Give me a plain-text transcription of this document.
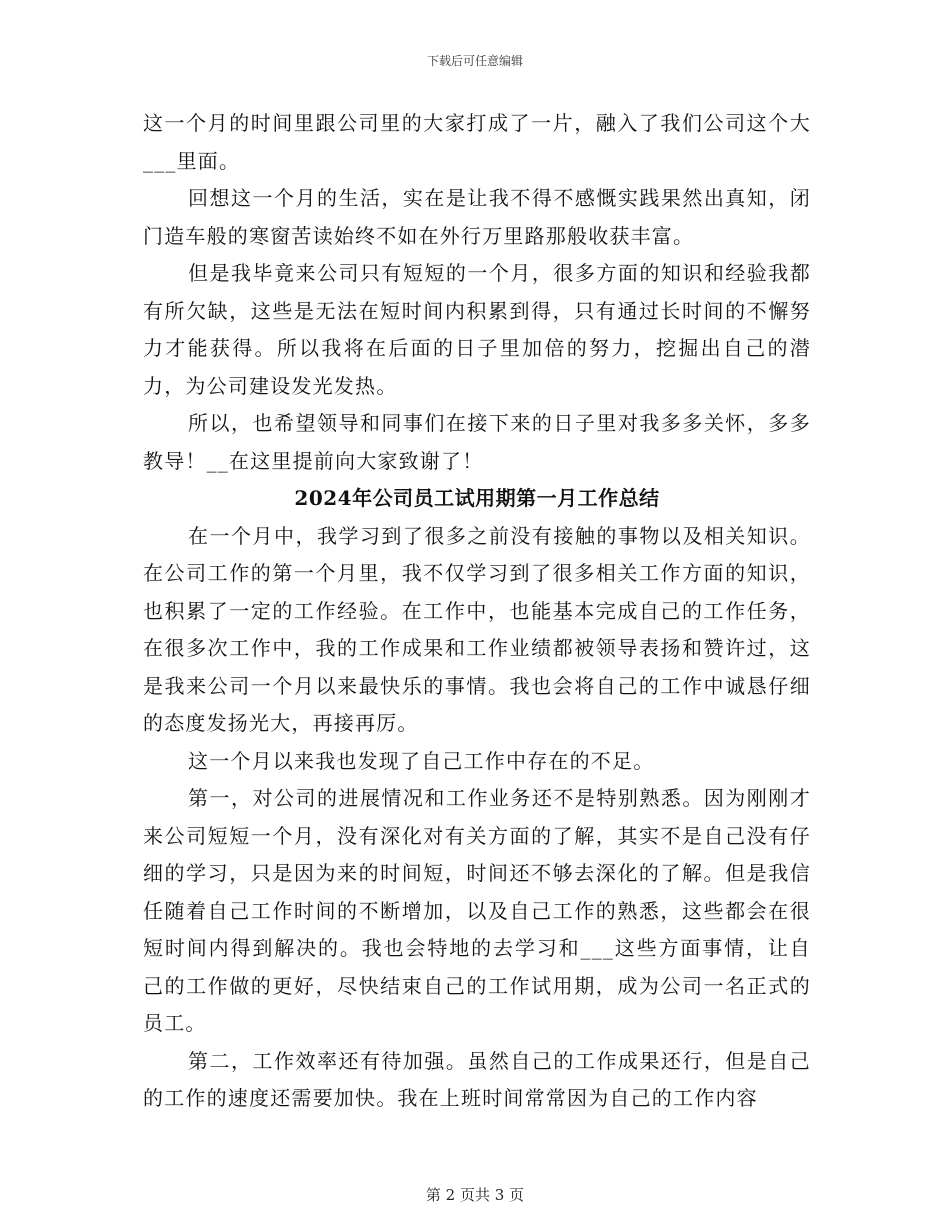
下载后可任意编辑

这一个月的时间里跟公司里的大家打成了一片，融入了我们公司这个大___里面。

回想这一个月的生活，实在是让我不得不感慨实践果然出真知，闭门造车般的寒窗苦读始终不如在外行万里路那般收获丰富。

但是我毕竟来公司只有短短的一个月，很多方面的知识和经验我都有所欠缺，这些是无法在短时间内积累到得，只有通过长时间的不懈努力才能获得。所以我将在后面的日子里加倍的努力，挖掘出自己的潜力，为公司建设发光发热。

所以，也希望领导和同事们在接下来的日子里对我多多关怀，多多教导！__在这里提前向大家致谢了！

2024年公司员工试用期第一月工作总结

在一个月中，我学习到了很多之前没有接触的事物以及相关知识。在公司工作的第一个月里，我不仅学习到了很多相关工作方面的知识，也积累了一定的工作经验。在工作中，也能基本完成自己的工作任务，在很多次工作中，我的工作成果和工作业绩都被领导表扬和赞许过，这是我来公司一个月以来最快乐的事情。我也会将自己的工作中诚恳仔细的态度发扬光大，再接再厉。

这一个月以来我也发现了自己工作中存在的不足。

第一，对公司的进展情况和工作业务还不是特别熟悉。因为刚刚才来公司短短一个月，没有深化对有关方面的了解，其实不是自己没有仔细的学习，只是因为来的时间短，时间还不够去深化的了解。但是我信任随着自己工作时间的不断增加，以及自己工作的熟悉，这些都会在很短时间内得到解决的。我也会特地的去学习和___这些方面事情，让自己的工作做的更好，尽快结束自己的工作试用期，成为公司一名正式的员工。

第二，工作效率还有待加强。虽然自己的工作成果还行，但是自己的工作的速度还需要加快。我在上班时间常常因为自己的工作内容

第 2 页共 3 页
